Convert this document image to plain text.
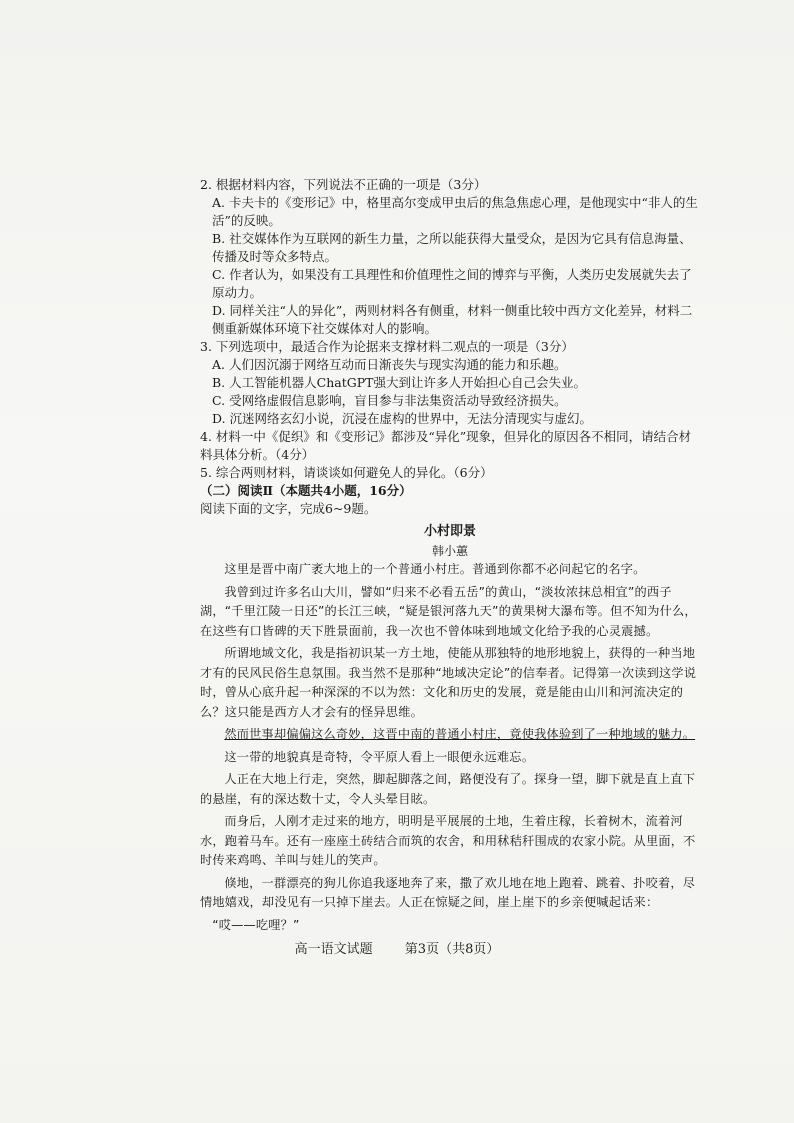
2. 根据材料内容，下列说法不正确的一项是（3分）

A. 卡夫卡的《变形记》中，格里高尔变成甲虫后的焦急焦虑心理，是他现实中“非人的生活”的反映。

B. 社交媒体作为互联网的新生力量，之所以能获得大量受众，是因为它具有信息海量、传播及时等众多特点。

C. 作者认为，如果没有工具理性和价值理性之间的博弈与平衡，人类历史发展就失去了原动力。

D. 同样关注“人的异化”，两则材料各有侧重，材料一侧重比较中西方文化差异，材料二侧重新媒体环境下社交媒体对人的影响。

3. 下列选项中，最适合作为论据来支撑材料二观点的一项是（3分）

A. 人们因沉溺于网络互动而日渐丧失与现实沟通的能力和乐趣。

B. 人工智能机器人ChatGPT强大到让许多人开始担心自己会失业。

C. 受网络虚假信息影响，盲目参与非法集资活动导致经济损失。

D. 沉迷网络玄幻小说，沉浸在虚构的世界中，无法分清现实与虚幻。

4. 材料一中《促织》和《变形记》都涉及“异化”现象，但异化的原因各不相同，请结合材料具体分析。（4分）

5. 综合两则材料，请谈谈如何避免人的异化。（6分）

（二）阅读Ⅱ（本题共4小题，16分）

阅读下面的文字，完成6~9题。

小村即景
韩小蕙

这里是晋中南广袤大地上的一个普通小村庄。普通到你都不必问起它的名字。

我曾到过许多名山大川，譬如“归来不必看五岳”的黄山，“淡妆浓抹总相宜”的西子湖，“千里江陵一日还”的长江三峡，“疑是银河落九天”的黄果树大瀑布等。但不知为什么，在这些有口皆碑的天下胜景面前，我一次也不曾体味到地域文化给予我的心灵震撼。

所谓地域文化，我是指初识某一方土地，使能从那独特的地形地貌上，获得的一种当地才有的民风民俗生息氛围。我当然不是那种“地域决定论”的信奉者。记得第一次读到这学说时，曾从心底升起一种深深的不以为然：文化和历史的发展，竟是能由山川和河流决定的么？这只能是西方人才会有的怪异思维。

然而世事却偏偏这么奇妙，这晋中南的普通小村庄，竟使我体验到了一种地域的魅力。

这一带的地貌真是奇特，令平原人看上一眼便永远难忘。

人正在大地上行走，突然，脚起脚落之间，路便没有了。探身一望，脚下就是直上直下的悬崖，有的深达数十丈，令人头晕目眩。

而身后，人刚才走过来的地方，明明是平展展的土地，生着庄稼，长着树木，流着河水，跑着马车。还有一座座土砖结合而筑的农舍，和用秫秸秆围成的农家小院。从里面，不时传来鸡鸣、羊叫与娃儿的笑声。

倏地，一群漂亮的狗儿你追我逐地奔了来，撒了欢儿地在地上跑着、跳着、扑咬着，尽情地嬉戏，却没见有一只掉下崖去。人正在惊疑之间，崖上崖下的乡亲便喊起话来：

“哎——吃哩？”

高一语文试题 第3页（共8页）
